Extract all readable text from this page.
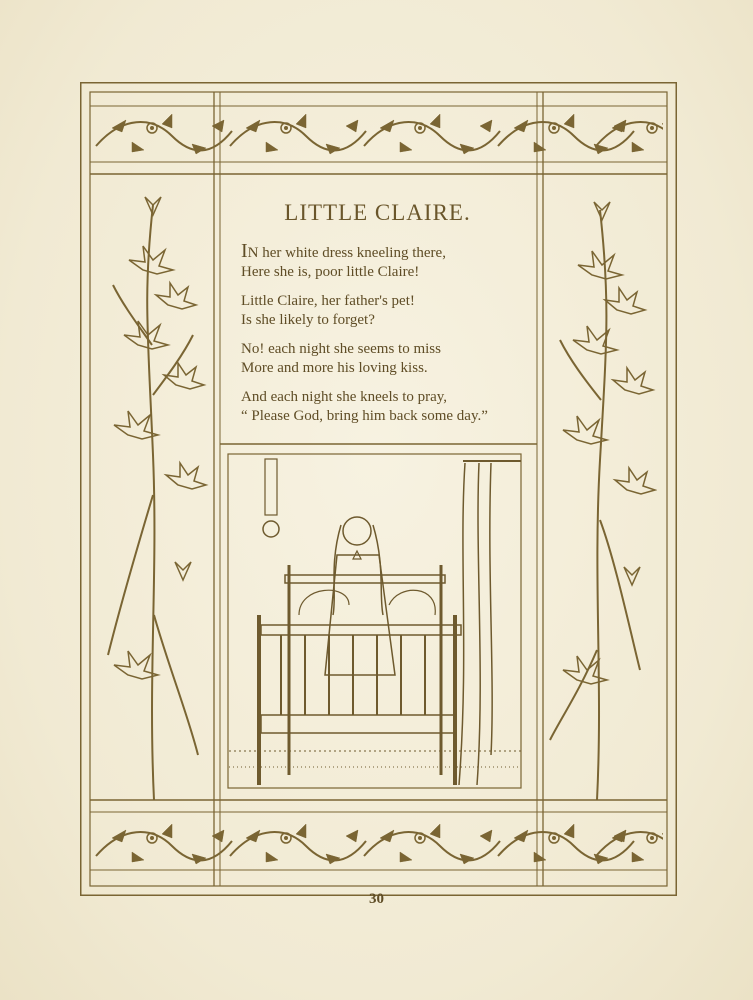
LITTLE CLAIRE.
IN her white dress kneeling there,
Here she is, poor little Claire!
Little Claire, her father's pet!
Is she likely to forget?
No! each night she seems to miss
More and more his loving kiss.
And each night she kneels to pray,
“ Please God, bring him back some day.”
30
